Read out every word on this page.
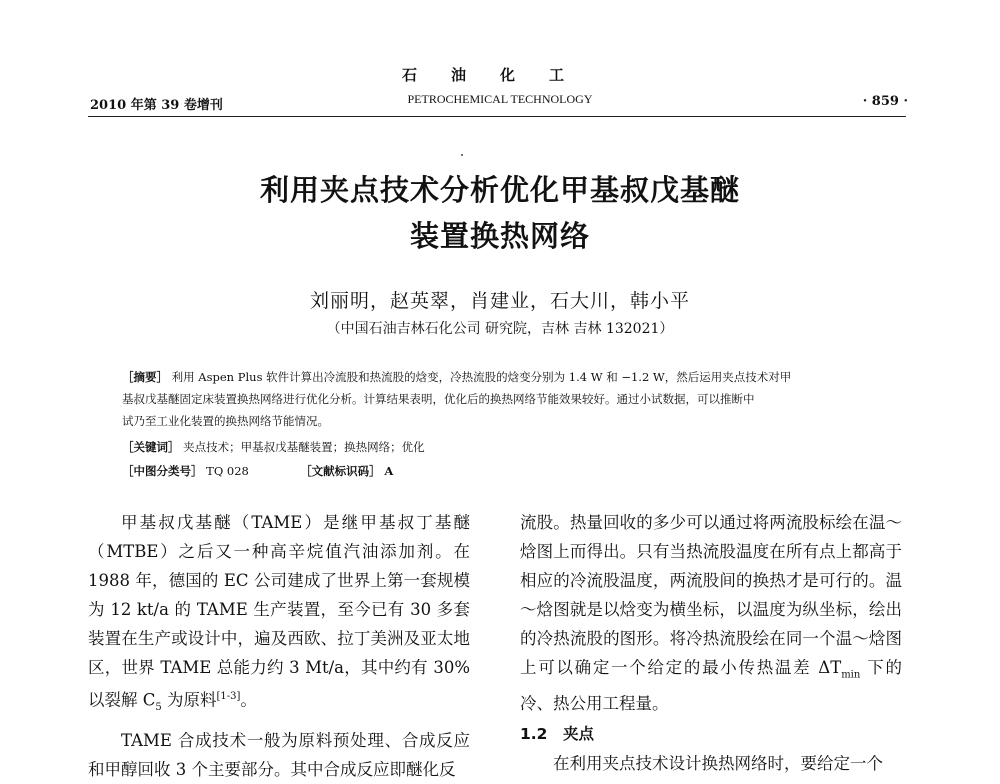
2010 年第 39 卷增刊
石油化工
PETROCHEMICAL TECHNOLOGY	· 859 ·
利用夹点技术分析优化甲基叔戊基醚
装置换热网络
刘丽明，赵英翠，肖建业，石大川，韩小平
（中国石油吉林石化公司 研究院，吉林 吉林 132021）
［摘要］ 利用 Aspen Plus 软件计算出冷流股和热流股的焓变，冷热流股的焓变分别为 1.4 W 和 −1.2 W，然后运用夹点技术对甲
基叔戊基醚固定床装置换热网络进行优化分析。计算结果表明，优化后的换热网络节能效果较好。通过小试数据，可以推断中
试乃至工业化装置的换热网络节能情况。
［关键词］ 夹点技术；甲基叔戊基醚装置；换热网络；优化
［中图分类号］ TQ 028	［文献标识码］ A

甲基叔戊基醚（TAME）是继甲基叔丁基醚（MTBE）之后又一种高辛烷值汽油添加剂。在 1988 年，德国的 EC 公司建成了世界上第一套规模为 12 kt/a 的 TAME 生产装置，至今已有 30 多套装置在生产或设计中，遍及西欧、拉丁美洲及亚太地区，世界 TAME 总能力约 3 Mt/a，其中约有 30% 以裂解 $C_5$ 为原料[1-3]。

TAME 合成技术一般为原料预处理、合成反应和甲醇回收 3 个主要部分。其中合成反应即醚化反

流股。热量回收的多少可以通过将两流股标绘在温～焓图上而得出。只有当热流股温度在所有点上都高于相应的冷流股温度，两流股间的换热才是可行的。温～焓图就是以焓变为横坐标，以温度为纵坐标，绘出的冷热流股的图形。将冷热流股绘在同一个温～焓图上可以确定一个给定的最小传热温差 $\Delta T_{min}$ 下的冷、热公用工程量。

1.2　夹点

在利用夹点技术设计换热网络时，要给定一个
